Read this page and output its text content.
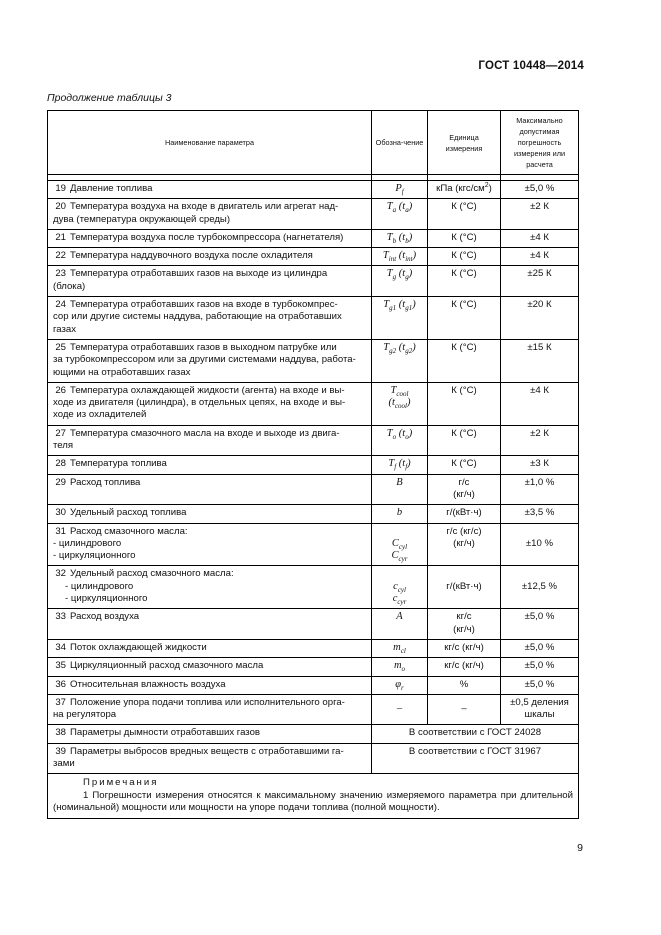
ГОСТ 10448—2014
Продолжение таблицы 3
Наименование параметра	Обозна-чение	Единица измерения	Максимально допустимая погрешность измерения или расчета

19 Давление топлива	$P_f$	кПа $(кгс/см^2)$	±5,0 %
20 Температура воздуха на входе в двигатель или агрегат над-
дува (температура окружающей среды)	$T_a$ $(t_a)$	К (°С)	±2 К
21 Температура воздуха после турбокомпрессора (нагнетателя)	$T_b$ $(t_b)$	К (°С)	±4 К
22 Температура наддувочного воздуха после охладителя	$T_{int}$ $(t_{int})$	К (°С)	±4 К
23 Температура отработавших газов на выходе из цилиндра
(блока)	$T_g$ $(t_g)$	К (°С)	±25 К
24 Температура отработавших газов на входе в турбокомпрес-
сор или другие системы наддува, работающие на отработавших
газах	$T_{g1}$ $(t_{g1})$	К (°С)	±20 К
25 Температура отработавших газов в выходном патрубке или
за турбокомпрессором или за другими системами наддува, работа-
ющими на отработавших газах	$T_{g2}$ $(t_{g2})$	К (°С)	±15 К
26 Температура охлаждающей жидкости (агента) на входе и вы-
ходе из двигателя (цилиндра), в отдельных цепях, на входе и вы-
ходе из охладителей	$T_{cool}$
$(t_{cool})$	К (°С)	±4 К
27 Температура смазочного масла на входе и выходе из двига-
теля	$T_o$ $(t_o)$	К (°С)	±2 К
28 Температура топлива	$T_f$ $(t_f)$	К (°С)	±3 К
29 Расход топлива	B	г/с
(кг/ч)	±1,0 %
30 Удельный расход топлива	b	г/(кВт·ч)	±3,5 %
31 Расход смазочного масла:
- цилиндрового
- циркуляционного	$C_{cyl}$
$C_{cyr}$	г/с (кг/с)
(кг/ч)	±10 %
32 Удельный расход смазочного масла:
- цилиндрового
- циркуляционного	$c_{cyl}$
$c_{cyr}$	г/(кВт·ч)	±12,5 %
33 Расход воздуха	A	кг/с
(кг/ч)	±5,0 %
34 Поток охлаждающей жидкости	$m_{cl}$	кг/с (кг/ч)	±5,0 %
35 Циркуляционный расход смазочного масла	$m_o$	кг/с (кг/ч)	±5,0 %
36 Относительная влажность воздуха	$\varphi_r$	%	±5,0 %
37 Положение упора подачи топлива или исполнительного орга-
на регулятора	–	–	±0,5 деления шкалы
38 Параметры дымности отработавших газов	В соответствии с ГОСТ 24028		
39 Параметры выбросов вредных веществ с отработавшими га-
зами	В соответствии с ГОСТ 31967		

Примечания
1 Погрешности измерения относятся к максимальному значению измеряемого параметра при длительной (номинальной) мощности или мощности на упоре подачи топлива (полной мощности).			
9
